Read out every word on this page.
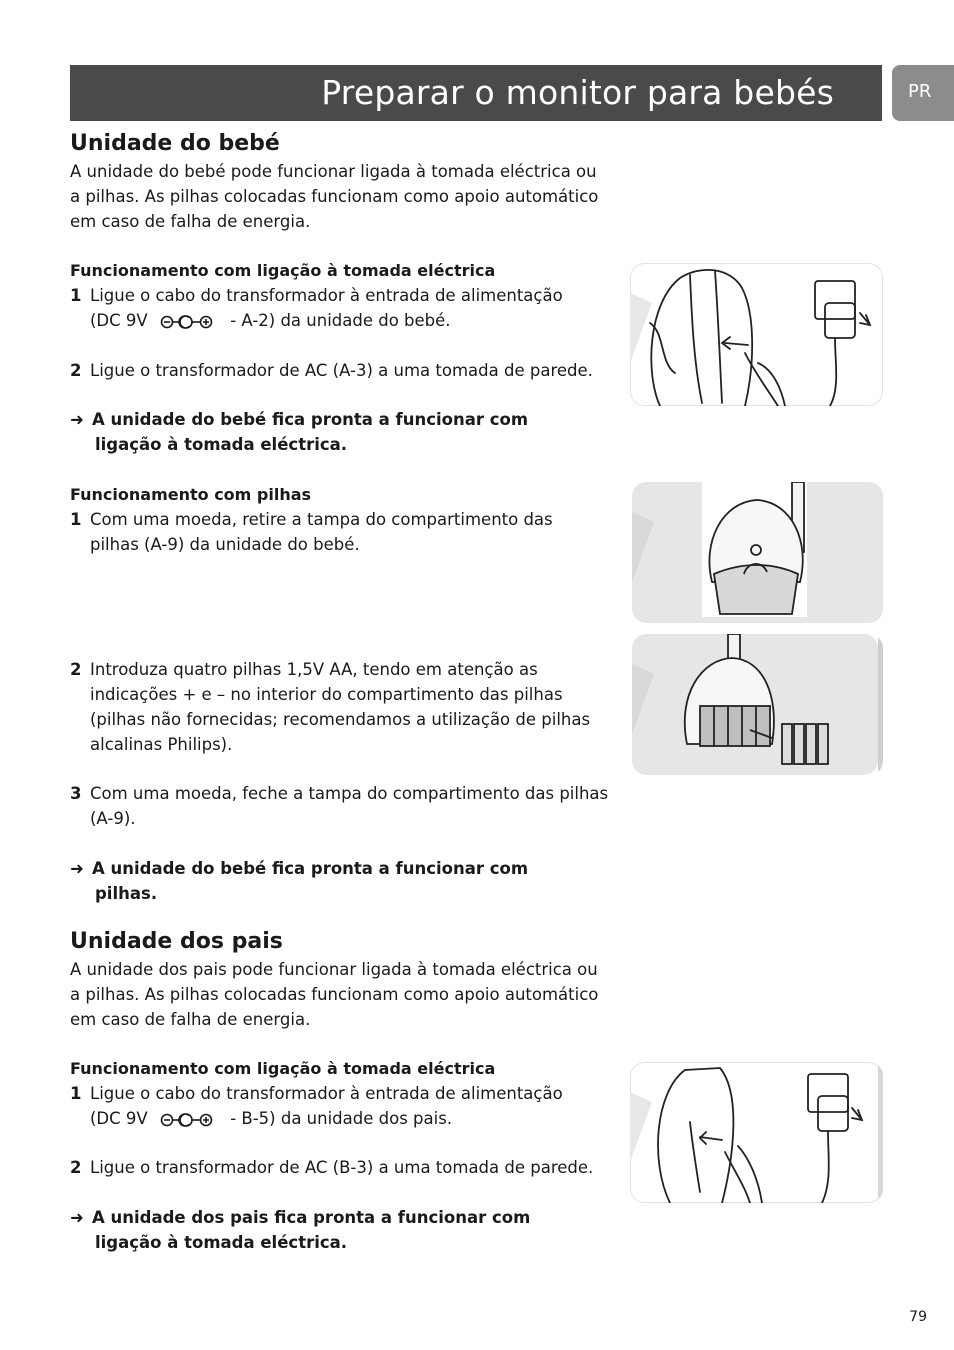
Preparar o monitor para bebés	PR
Unidade do bebé
A unidade do bebé pode funcionar ligada à tomada eléctrica ou
a pilhas. As pilhas colocadas funcionam como apoio automático
em caso de falha de energia.
Funcionamento com ligação à tomada eléctrica
1 Ligue o cabo do transformador à entrada de alimentação
(DC 9V	- A-2) da unidade do bebé.
2 Ligue o transformador de AC (A-3) a uma tomada de parede.
➜ A unidade do bebé fica pronta a funcionar com
ligação à tomada eléctrica.
Funcionamento com pilhas
1 Com uma moeda, retire a tampa do compartimento das
pilhas (A-9) da unidade do bebé.
2 Introduza quatro pilhas 1,5V AA, tendo em atenção as
indicações + e – no interior do compartimento das pilhas
(pilhas não fornecidas; recomendamos a utilização de pilhas
alcalinas Philips).
3 Com uma moeda, feche a tampa do compartimento das pilhas
(A-9).
➜ A unidade do bebé fica pronta a funcionar com
pilhas.
Unidade dos pais
A unidade dos pais pode funcionar ligada à tomada eléctrica ou
a pilhas. As pilhas colocadas funcionam como apoio automático
em caso de falha de energia.
Funcionamento com ligação à tomada eléctrica
1 Ligue o cabo do transformador à entrada de alimentação
(DC 9V	- B-5) da unidade dos pais.
2 Ligue o transformador de AC (B-3) a uma tomada de parede.
➜ A unidade dos pais fica pronta a funcionar com
ligação à tomada eléctrica.
79
